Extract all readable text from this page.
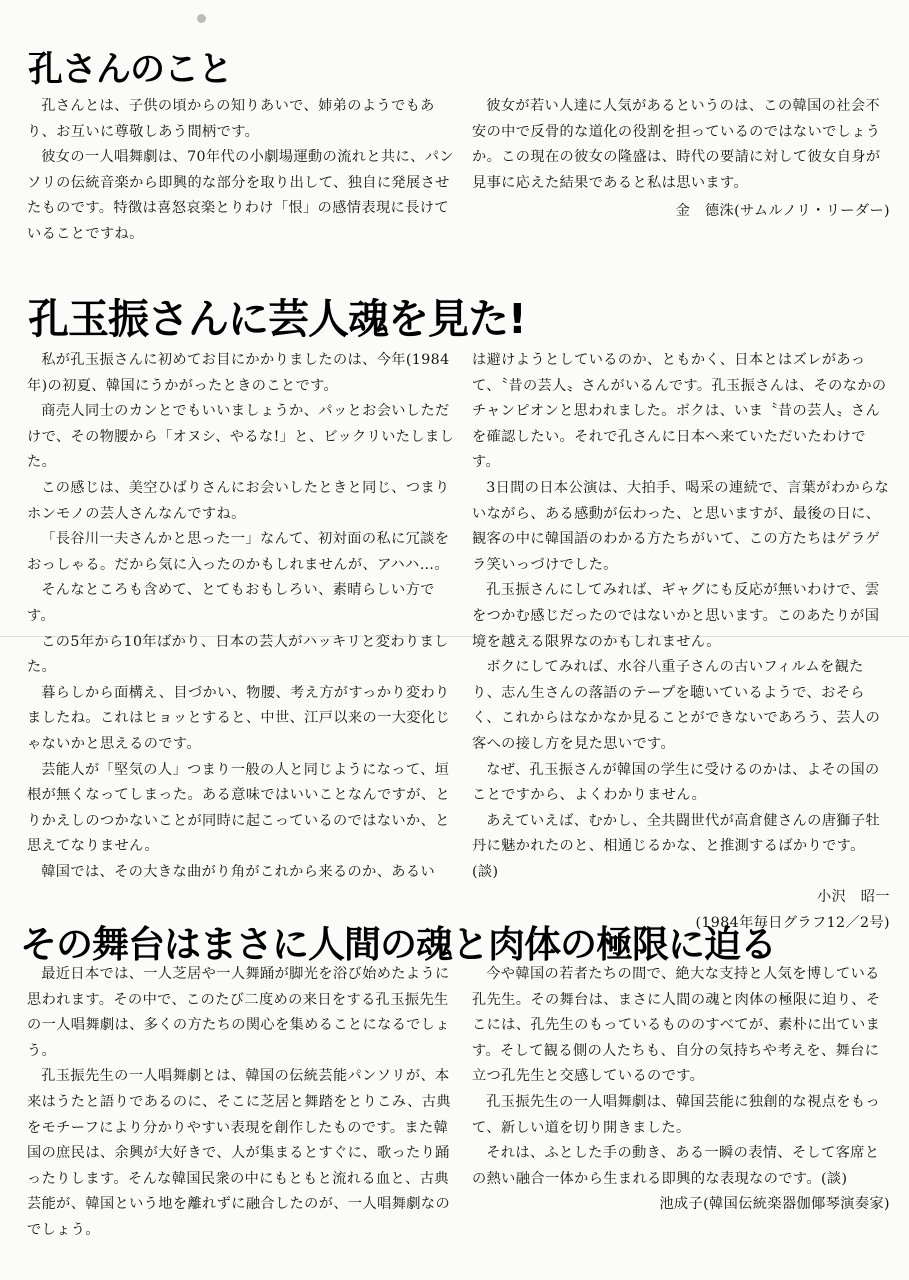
孔さんのこと

孔さんとは、子供の頃からの知りあいで、姉弟のようでもあり、お互いに尊敬しあう間柄です。

彼女の一人唱舞劇は、70年代の小劇場運動の流れと共に、パンソリの伝統音楽から即興的な部分を取り出して、独自に発展させたものです。特徴は喜怒哀楽とりわけ「恨」の感情表現に長けていることですね。

彼女が若い人達に人気があるというのは、この韓国の社会不安の中で反骨的な道化の役割を担っているのではないでしょうか。この現在の彼女の隆盛は、時代の要請に対して彼女自身が見事に応えた結果であると私は思います。

金　德洙(サムルノリ・リーダー)
孔玉振さんに芸人魂を見た!

私が孔玉振さんに初めてお目にかかりましたのは、今年(1984年)の初夏、韓国にうかがったときのことです。

商売人同士のカンとでもいいましょうか、パッとお会いしただけで、その物腰から「オヌシ、やるな!」と、ビックリいたしました。

この感じは、美空ひばりさんにお会いしたときと同じ、つまりホンモノの芸人さんなんですね。

「長谷川一夫さんかと思った一」なんて、初対面の私に冗談をおっしゃる。だから気に入ったのかもしれませんが、アハハ…。

そんなところも含めて、とてもおもしろい、素晴らしい方です。

この5年から10年ばかり、日本の芸人がハッキリと変わりました。

暮らしから面構え、目づかい、物腰、考え方がすっかり変わりましたね。これはヒョッとすると、中世、江戸以来の一大変化じゃないかと思えるのです。

芸能人が「堅気の人」つまり一般の人と同じようになって、垣根が無くなってしまった。ある意味ではいいことなんですが、とりかえしのつかないことが同時に起こっているのではないか、と思えてなりません。

韓国では、その大きな曲がり角がこれから来るのか、あるい

は避けようとしているのか、ともかく、日本とはズレがあって、〝昔の芸人〟さんがいるんです。孔玉振さんは、そのなかのチャンピオンと思われました。ボクは、いま〝昔の芸人〟さんを確認したい。それで孔さんに日本へ来ていただいたわけです。

3日間の日本公演は、大拍手、喝采の連続で、言葉がわからないながら、ある感動が伝わった、と思いますが、最後の日に、観客の中に韓国語のわかる方たちがいて、この方たちはゲラゲラ笑いっづけでした。

孔玉振さんにしてみれば、ギャグにも反応が無いわけで、雲をつかむ感じだったのではないかと思います。このあたりが国境を越える限界なのかもしれません。

ボクにしてみれば、水谷八重子さんの古いフィルムを観たり、志ん生さんの落語のテープを聴いているようで、おそらく、これからはなかなか見ることができないであろう、芸人の客への接し方を見た思いです。

なぜ、孔玉振さんが韓国の学生に受けるのかは、よその国のことですから、よくわかりません。

あえていえば、むかし、全共闘世代が高倉健さんの唐獅子牡丹に魅かれたのと、相通じるかな、と推測するばかりです。(談)

小沢　昭一
(1984年毎日グラフ12／2号)
その舞台はまさに人間の魂と肉体の極限に迫る

最近日本では、一人芝居や一人舞踊が脚光を浴び始めたように思われます。その中で、このたび二度めの来日をする孔玉振先生の一人唱舞劇は、多くの方たちの関心を集めることになるでしょう。

孔玉振先生の一人唱舞劇とは、韓国の伝統芸能パンソリが、本来はうたと語りであるのに、そこに芝居と舞踏をとりこみ、古典をモチーフにより分かりやすい表現を創作したものです。また韓国の庶民は、余興が大好きで、人が集まるとすぐに、歌ったり踊ったりします。そんな韓国民衆の中にもともと流れる血と、古典芸能が、韓国という地を離れずに融合したのが、一人唱舞劇なのでしょう。

今や韓国の若者たちの間で、絶大な支持と人気を博している孔先生。その舞台は、まさに人間の魂と肉体の極限に迫り、そこには、孔先生のもっているもののすべてが、素朴に出ています。そして観る側の人たちも、自分の気持ちや考えを、舞台に立つ孔先生と交感しているのです。

孔玉振先生の一人唱舞劇は、韓国芸能に独創的な視点をもって、新しい道を切り開きました。

それは、ふとした手の動き、ある一瞬の表情、そして客席との熱い融合一体から生まれる即興的な表現なのです。(談)

池成子(韓国伝統楽器伽倻琴演奏家)
